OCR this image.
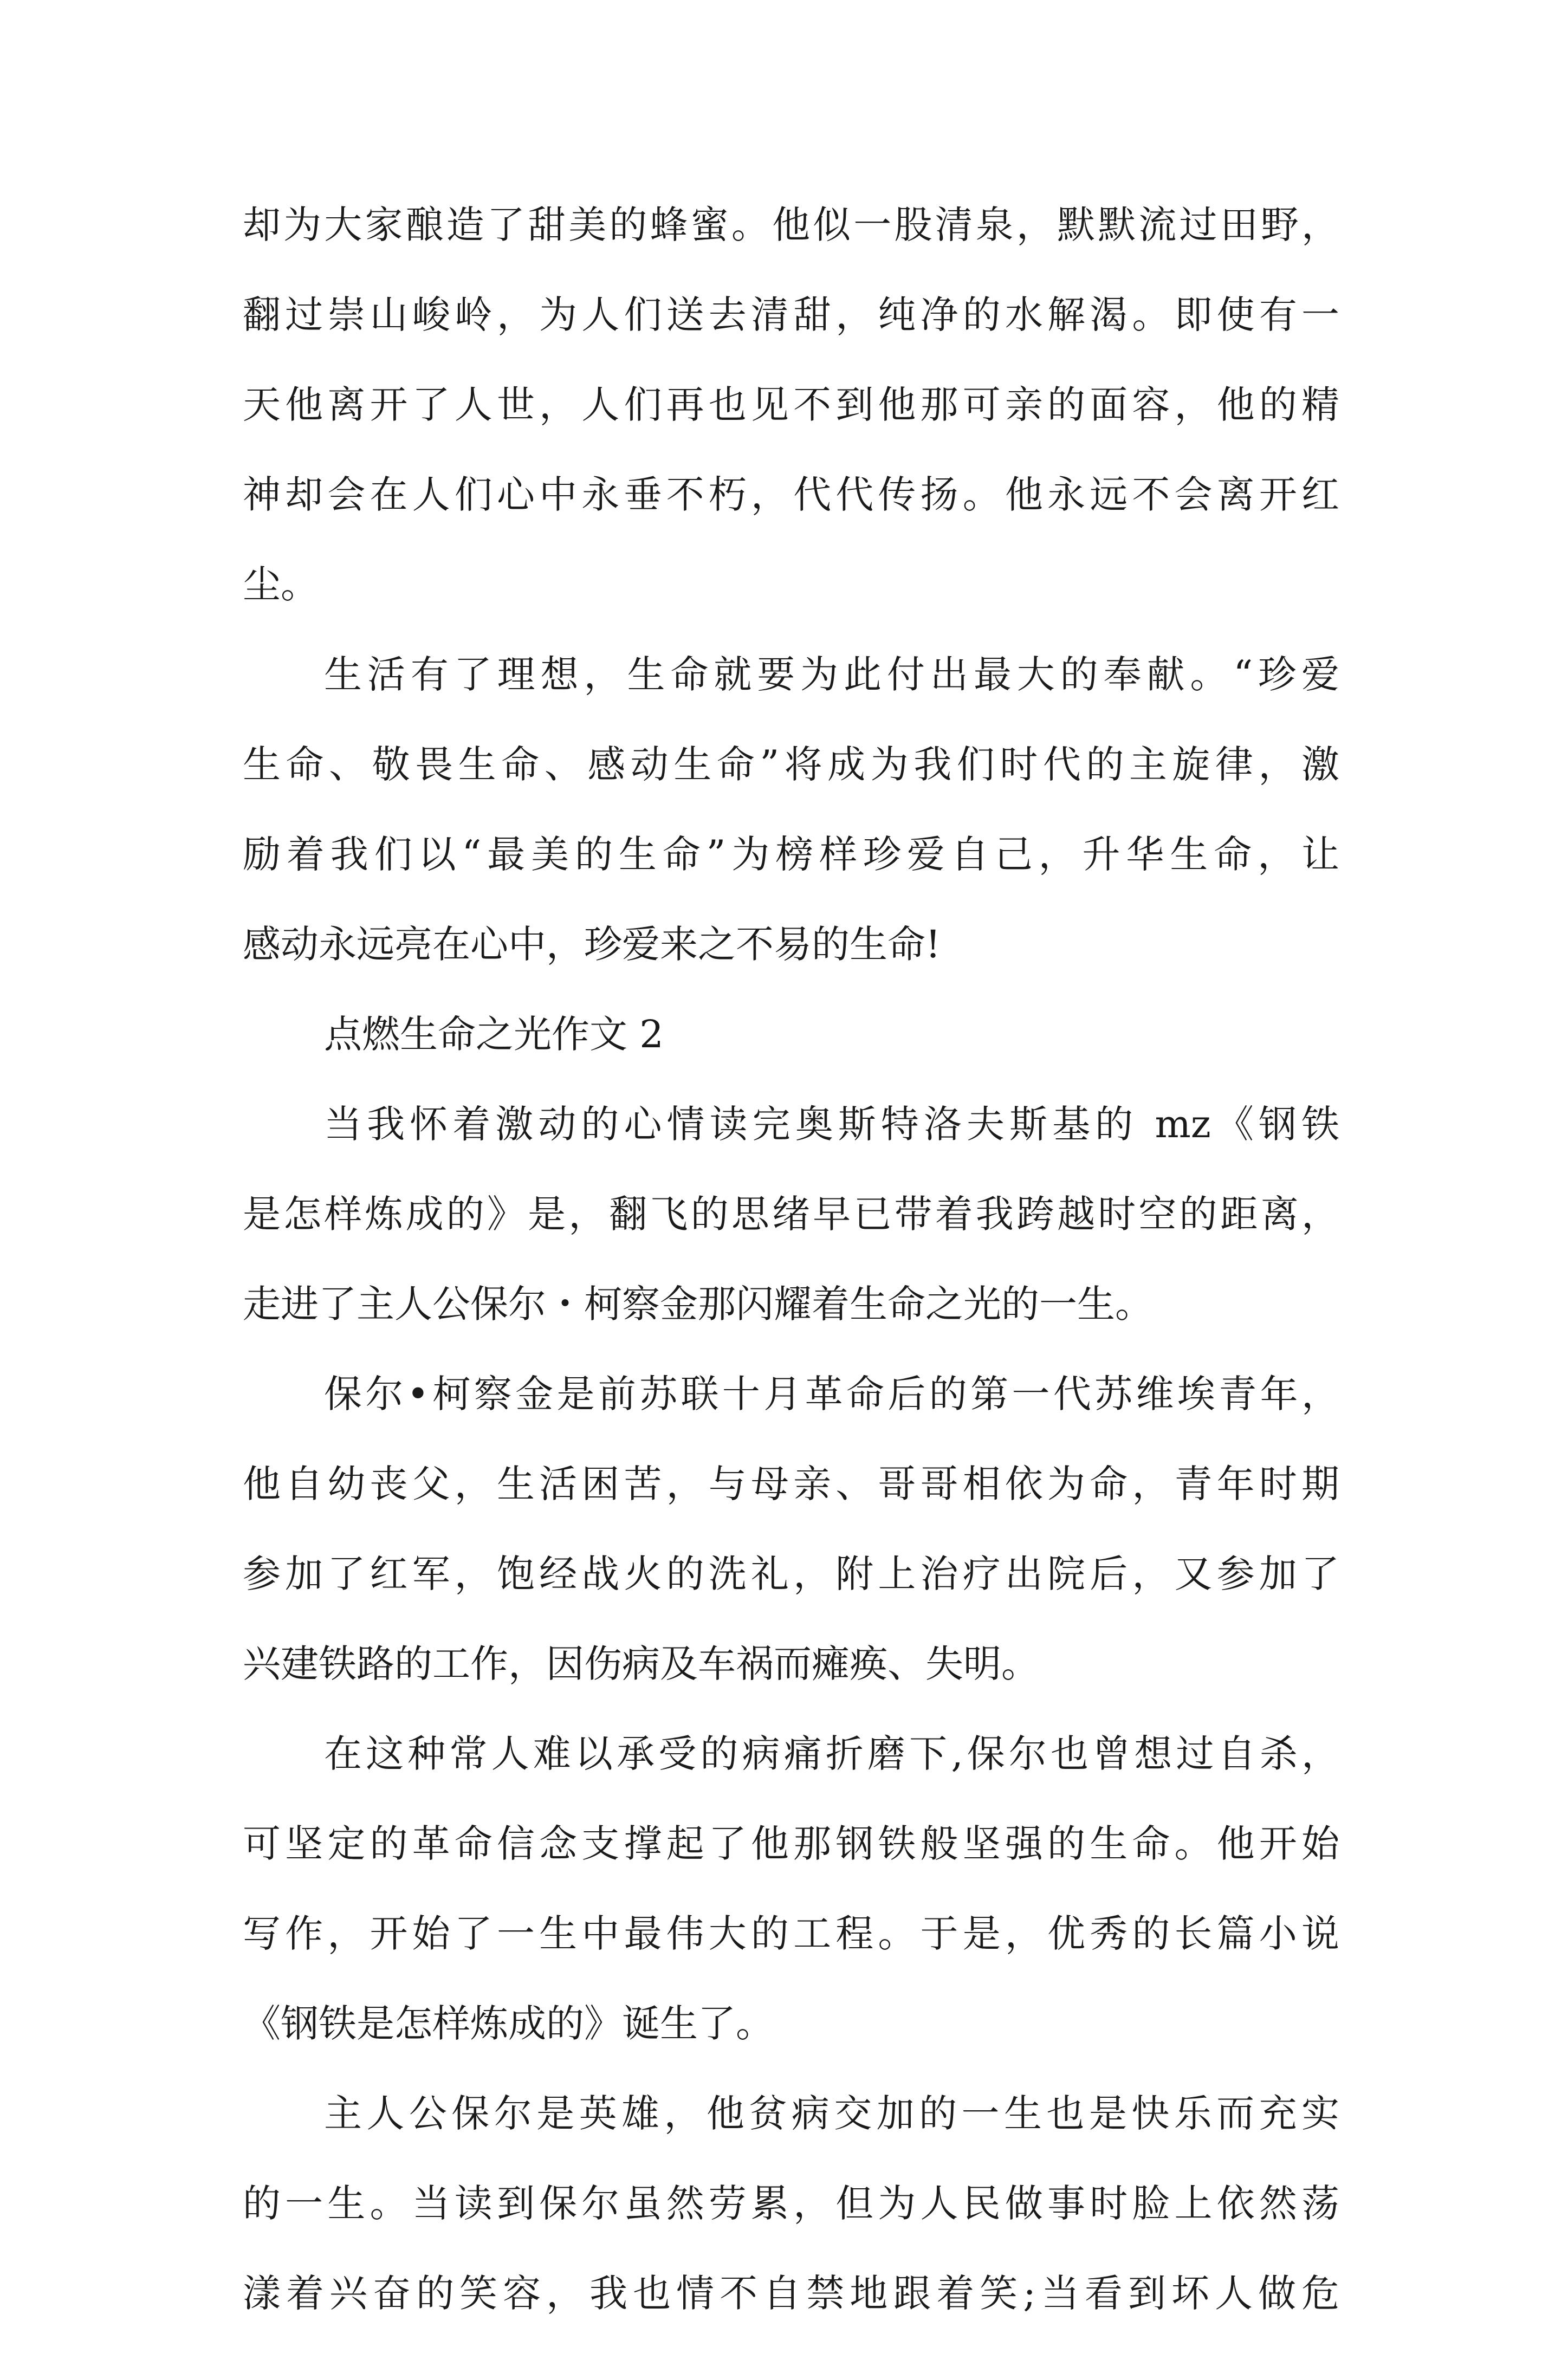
却为大家酿造了甜美的蜂蜜。他似一股清泉，默默流过田野，
翻过崇山峻岭，为人们送去清甜，纯净的水解渴。即使有一
天他离开了人世，人们再也见不到他那可亲的面容，他的精
神却会在人们心中永垂不朽，代代传扬。他永远不会离开红
尘。
生活有了理想，生命就要为此付出最大的奉献。“珍爱
生命、敬畏生命、感动生命”将成为我们时代的主旋律，激
励着我们以“最美的生命”为榜样珍爱自己，升华生命，让
感动永远亮在心中，珍爱来之不易的生命!
点燃生命之光作文 2
当我怀着激动的心情读完奥斯特洛夫斯基的 mz《钢铁
是怎样炼成的》是，翻飞的思绪早已带着我跨越时空的距离，
走进了主人公保尔・柯察金那闪耀着生命之光的一生。
保尔•柯察金是前苏联十月革命后的第一代苏维埃青年，
他自幼丧父，生活困苦，与母亲、哥哥相依为命，青年时期
参加了红军，饱经战火的洗礼，附上治疗出院后，又参加了
兴建铁路的工作，因伤病及车祸而瘫痪、失明。
在这种常人难以承受的病痛折磨下,保尔也曾想过自杀，
可坚定的革命信念支撑起了他那钢铁般坚强的生命。他开始
写作，开始了一生中最伟大的工程。于是，优秀的长篇小说
《钢铁是怎样炼成的》诞生了。
主人公保尔是英雄，他贫病交加的一生也是快乐而充实
的一生。当读到保尔虽然劳累，但为人民做事时脸上依然荡
漾着兴奋的笑容，我也情不自禁地跟着笑;当看到坏人做危
